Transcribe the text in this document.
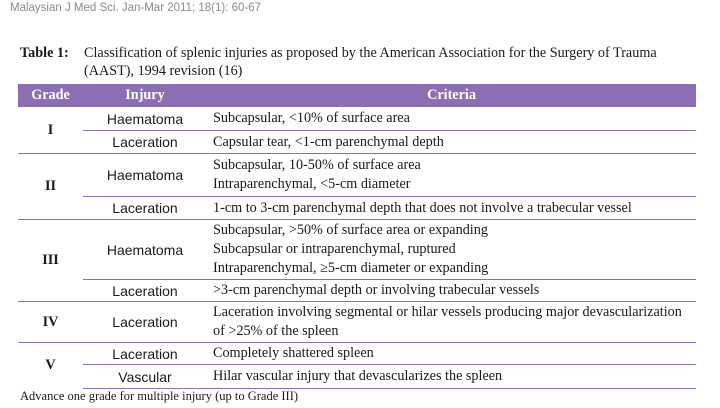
Malaysian J Med Sci. Jan-Mar 2011; 18(1): 60-67
Table 1:	Classification of splenic injuries as proposed by the American Association for the Surgery of Trauma (AAST), 1994 revision (16)
Grade	Injury	Criteria
I	Haematoma	Subcapsular, <10% of surface area

	Laceration	Capsular tear, <1-cm parenchymal depth

II	Haematoma	Subcapsular, 10-50% of surface area
Intraparenchymal, <5-cm diameter

	Laceration	1-cm to 3-cm parenchymal depth that does not involve a trabecular vessel

III	Haematoma	Subcapsular, >50% of surface area or expanding
Subcapsular or intraparenchymal, ruptured
Intraparenchymal, ≥5-cm diameter or expanding

	Laceration	>3-cm parenchymal depth or involving trabecular vessels

IV	Laceration	Laceration involving segmental or hilar vessels producing major devascularization of >25% of the spleen

V	Laceration	Completely shattered spleen

	Vascular	Hilar vascular injury that devascularizes the spleen
Advance one grade for multiple injury (up to Grade III)
